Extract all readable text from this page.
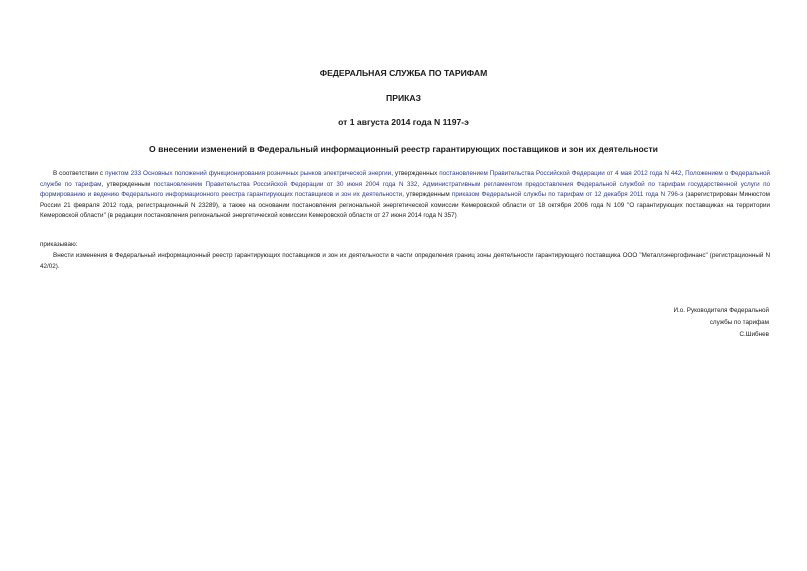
ФЕДЕРАЛЬНАЯ СЛУЖБА ПО ТАРИФАМ
ПРИКАЗ
от 1 августа 2014 года N 1197-э
О внесении изменений в Федеральный информационный реестр гарантирующих поставщиков и зон их деятельности

В соответствии с пунктом 233 Основных положений функционирования розничных рынков электрической энергии, утвержденных постановлением Правительства Российской Федерации от 4 мая 2012 года N 442, Положением о Федеральной службе по тарифам, утвержденным постановлением Правительства Российской Федерации от 30 июня 2004 года N 332, Административным регламентом предоставления Федеральной службой по тарифам государственной услуги по формированию и ведению Федерального информационного реестра гарантирующих поставщиков и зон их деятельности, утвержденным приказом Федеральной службы по тарифам от 12 декабря 2011 года N 796-э (зарегистрирован Минюстом России 21 февраля 2012 года, регистрационный N 23289), а также на основании постановления региональной энергетической комиссии Кемеровской области от 18 октября 2006 года N 109 "О гарантирующих поставщиках на территории Кемеровской области" (в редакции постановления региональной энергетической комиссии Кемеровской области от 27 июня 2014 года N 357)

приказываю:

Внести изменения в Федеральный информационный реестр гарантирующих поставщиков и зон их деятельности в части определения границ зоны деятельности гарантирующего поставщика ООО "Металлэнергофинанс" (регистрационный N 42/02).

И.о. Руководителя Федеральной
службы по тарифам
С.Шибнев
